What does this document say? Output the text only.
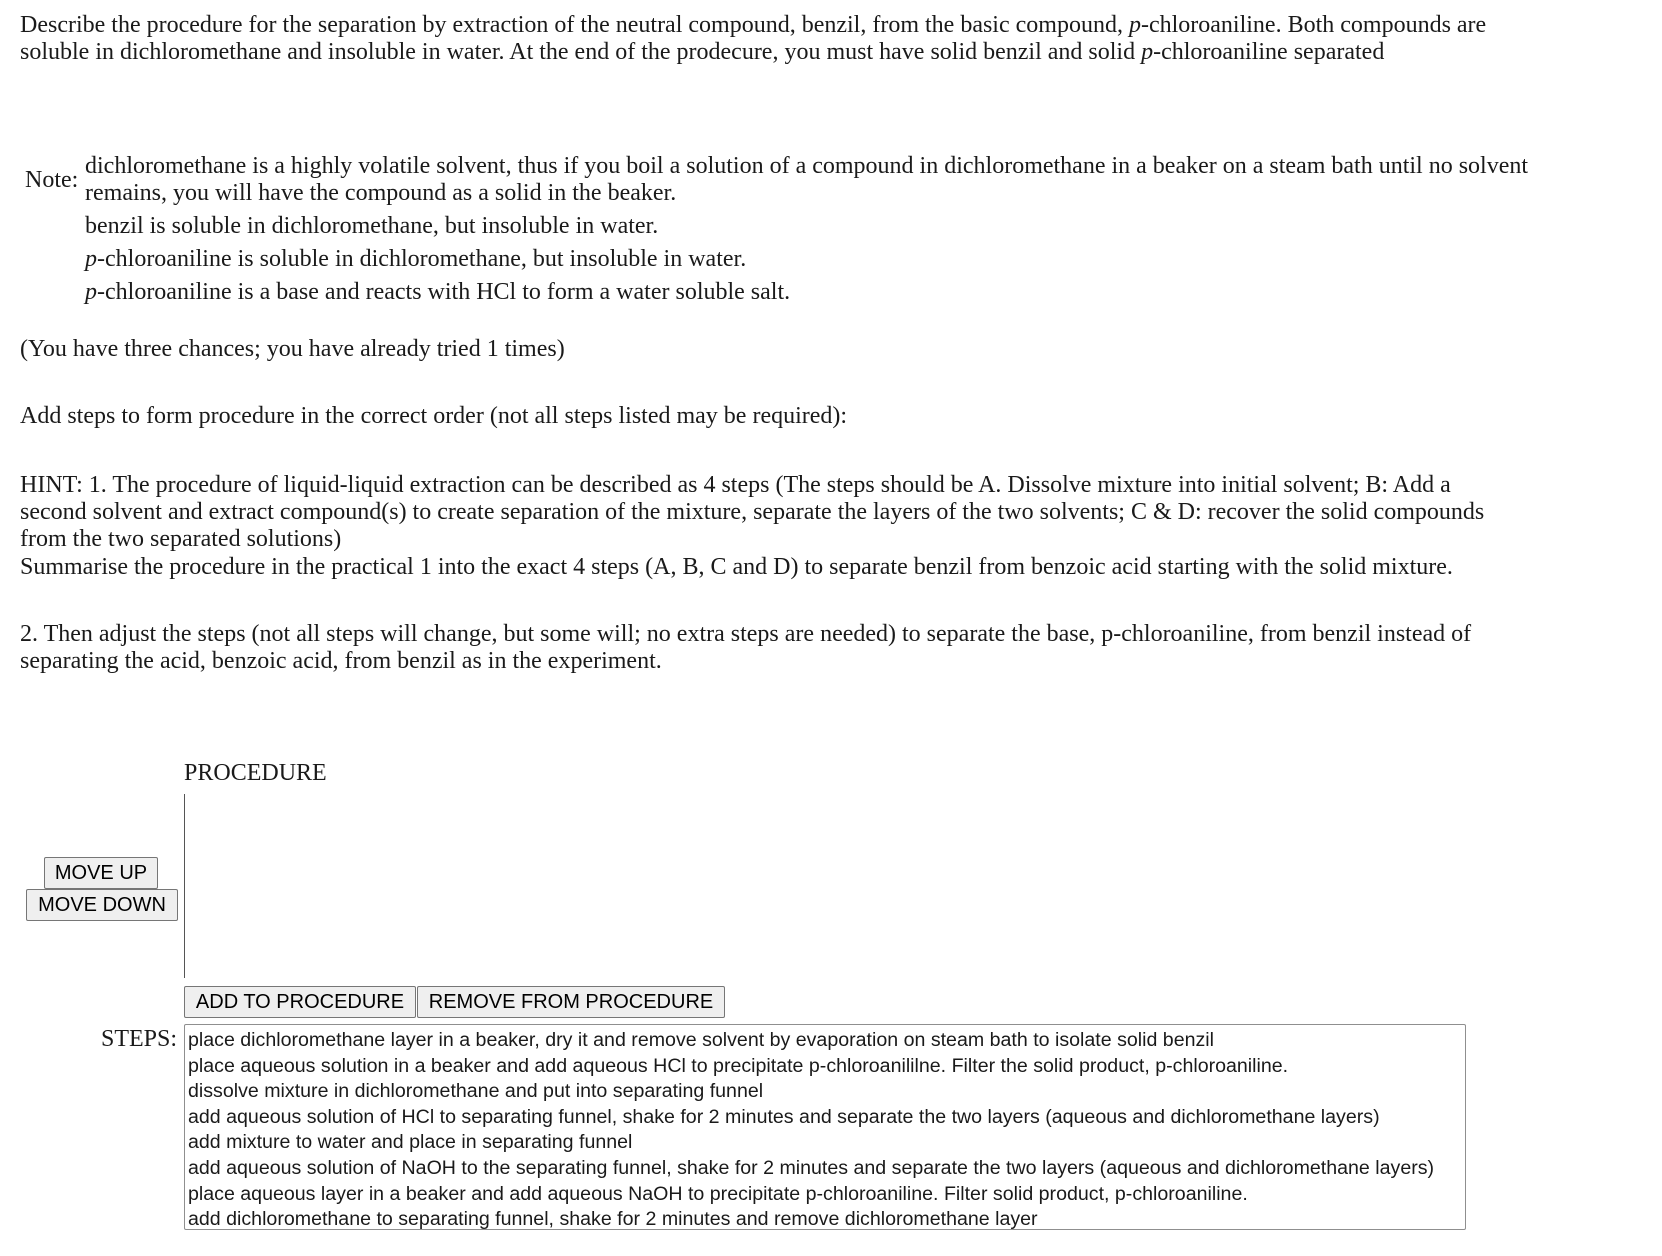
Describe the procedure for the separation by extraction of the neutral compound, benzil, from the basic compound, p-chloroaniline. Both compounds are soluble in dichloromethane and insoluble in water. At the end of the prodecure, you must have solid benzil and solid p-chloroaniline separated

Note:
dichloromethane is a highly volatile solvent, thus if you boil a solution of a compound in dichloromethane in a beaker on a steam bath until no solvent remains, you will have the compound as a solid in the beaker.
benzil is soluble in dichloromethane, but insoluble in water.
p-chloroaniline is soluble in dichloromethane, but insoluble in water.
p-chloroaniline is a base and reacts with HCl to form a water soluble salt.

(You have three chances; you have already tried 1 times)

Add steps to form procedure in the correct order (not all steps listed may be required):

HINT: 1. The procedure of liquid-liquid extraction can be described as 4 steps (The steps should be A. Dissolve mixture into initial solvent; B: Add a second solvent and extract compound(s) to create separation of the mixture, separate the layers of the two solvents; C & D: recover the solid compounds from the two separated solutions)

Summarise the procedure in the practical 1 into the exact 4 steps (A, B, C and D) to separate benzil from benzoic acid starting with the solid mixture.

2. Then adjust the steps (not all steps will change, but some will; no extra steps are needed) to separate the base, p-chloroaniline, from benzil instead of separating the acid, benzoic acid, from benzil as in the experiment.

PROCEDURE
MOVE UP
MOVE DOWN
ADD TO PROCEDURE	REMOVE FROM PROCEDURE
STEPS: place dichloromethane layer in a beaker, dry it and remove solvent by evaporation on steam bath to isolate solid benzil
place aqueous solution in a beaker and add aqueous HCl to precipitate p-chloroanililne. Filter the solid product, p-chloroaniline.
dissolve mixture in dichloromethane and put into separating funnel
add aqueous solution of HCl to separating funnel, shake for 2 minutes and separate the two layers (aqueous and dichloromethane layers)
add mixture to water and place in separating funnel
add aqueous solution of NaOH to the separating funnel, shake for 2 minutes and separate the two layers (aqueous and dichloromethane layers)
place aqueous layer in a beaker and add aqueous NaOH to precipitate p-chloroaniline. Filter solid product, p-chloroaniline.
add dichloromethane to separating funnel, shake for 2 minutes and remove dichloromethane layer
